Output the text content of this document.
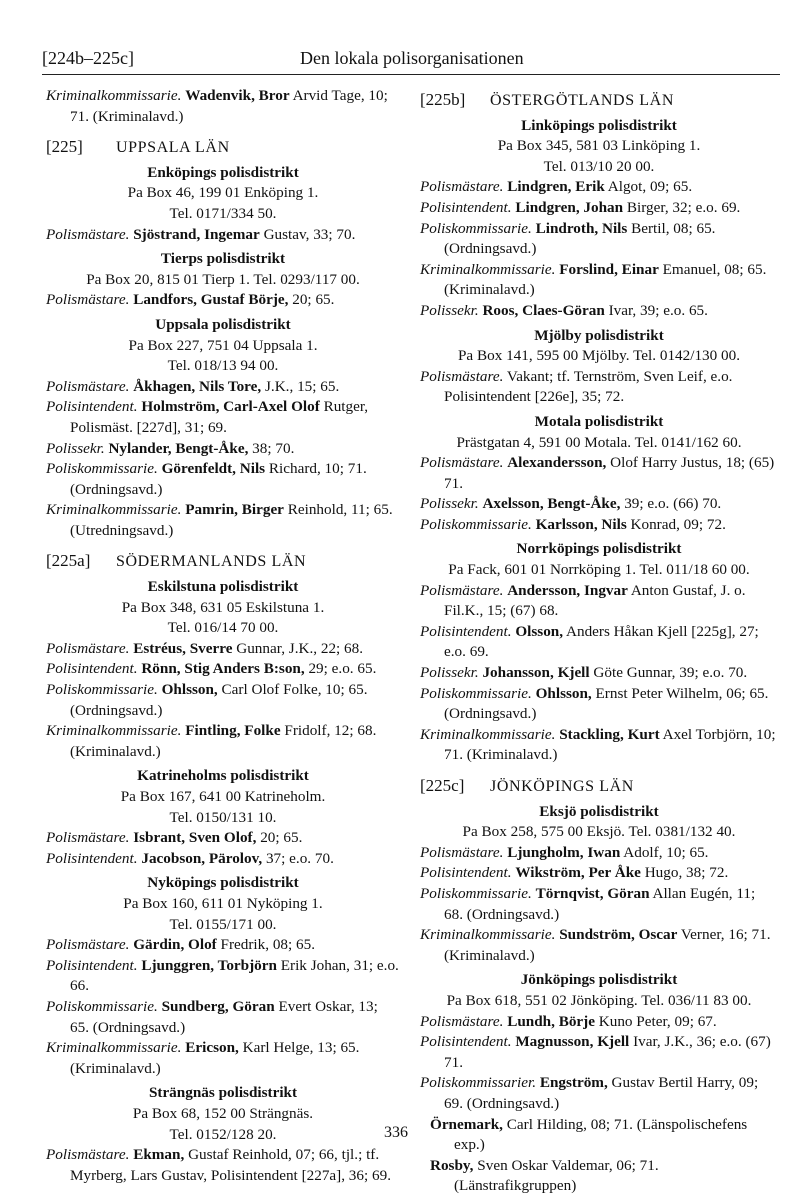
[224b–225c]	Den lokala polisorganisationen

Kriminalkommissarie. Wadenvik, Bror Arvid Tage, 10; 71. (Kriminalavd.)

[225]	UPPSALA LÄN

Enköpings polisdistrikt

Pa Box 46, 199 01 Enköping 1.

Tel. 0171/334 50.

Polismästare. Sjöstrand, Ingemar Gustav, 33; 70.

Tierps polisdistrikt

Pa Box 20, 815 01 Tierp 1. Tel. 0293/117 00.

Polismästare. Landfors, Gustaf Börje, 20; 65.

Uppsala polisdistrikt

Pa Box 227, 751 04 Uppsala 1.

Tel. 018/13 94 00.

Polismästare. Åkhagen, Nils Tore, J.K., 15; 65.

Polisintendent. Holmström, Carl-Axel Olof Rutger, Polismäst. [227d], 31; 69.

Polissekr. Nylander, Bengt-Åke, 38; 70.

Poliskommissarie. Görenfeldt, Nils Richard, 10; 71. (Ordningsavd.)

Kriminalkommissarie. Pamrin, Birger Reinhold, 11; 65. (Utredningsavd.)

[225a]	SÖDERMANLANDS LÄN

Eskilstuna polisdistrikt

Pa Box 348, 631 05 Eskilstuna 1.

Tel. 016/14 70 00.

Polismästare. Estréus, Sverre Gunnar, J.K., 22; 68.

Polisintendent. Rönn, Stig Anders B:son, 29; e.o. 65.

Poliskommissarie. Ohlsson, Carl Olof Folke, 10; 65. (Ordningsavd.)

Kriminalkommissarie. Fintling, Folke Fridolf, 12; 68. (Kriminalavd.)

Katrineholms polisdistrikt

Pa Box 167, 641 00 Katrineholm.

Tel. 0150/131 10.

Polismästare. Isbrant, Sven Olof, 20; 65.

Polisintendent. Jacobson, Pärolov, 37; e.o. 70.

Nyköpings polisdistrikt

Pa Box 160, 611 01 Nyköping 1.

Tel. 0155/171 00.

Polismästare. Gärdin, Olof Fredrik, 08; 65.

Polisintendent. Ljunggren, Torbjörn Erik Johan, 31; e.o. 66.

Poliskommissarie. Sundberg, Göran Evert Oskar, 13; 65. (Ordningsavd.)

Kriminalkommissarie. Ericson, Karl Helge, 13; 65. (Kriminalavd.)

Strängnäs polisdistrikt

Pa Box 68, 152 00 Strängnäs.

Tel. 0152/128 20.

Polismästare. Ekman, Gustaf Reinhold, 07; 66, tjl.; tf. Myrberg, Lars Gustav, Polisintendent [227a], 36; 69.

[225b]	ÖSTERGÖTLANDS LÄN

Linköpings polisdistrikt

Pa Box 345, 581 03 Linköping 1.

Tel. 013/10 20 00.

Polismästare. Lindgren, Erik Algot, 09; 65.

Polisintendent. Lindgren, Johan Birger, 32; e.o. 69.

Poliskommissarie. Lindroth, Nils Bertil, 08; 65. (Ordningsavd.)

Kriminalkommissarie. Forslind, Einar Emanuel, 08; 65. (Kriminalavd.)

Polissekr. Roos, Claes-Göran Ivar, 39; e.o. 65.

Mjölby polisdistrikt

Pa Box 141, 595 00 Mjölby. Tel. 0142/130 00.

Polismästare. Vakant; tf. Ternström, Sven Leif, e.o. Polisintendent [226e], 35; 72.

Motala polisdistrikt

Prästgatan 4, 591 00 Motala. Tel. 0141/162 60.

Polismästare. Alexandersson, Olof Harry Justus, 18; (65) 71.

Polissekr. Axelsson, Bengt-Åke, 39; e.o. (66) 70.

Poliskommissarie. Karlsson, Nils Konrad, 09; 72.

Norrköpings polisdistrikt

Pa Fack, 601 01 Norrköping 1. Tel. 011/18 60 00.

Polismästare. Andersson, Ingvar Anton Gustaf, J. o. Fil.K., 15; (67) 68.

Polisintendent. Olsson, Anders Håkan Kjell [225g], 27; e.o. 69.

Polissekr. Johansson, Kjell Göte Gunnar, 39; e.o. 70.

Poliskommissarie. Ohlsson, Ernst Peter Wilhelm, 06; 65. (Ordningsavd.)

Kriminalkommissarie. Stackling, Kurt Axel Torbjörn, 10; 71. (Kriminalavd.)

[225c]	JÖNKÖPINGS LÄN

Eksjö polisdistrikt

Pa Box 258, 575 00 Eksjö. Tel. 0381/132 40.

Polismästare. Ljungholm, Iwan Adolf, 10; 65.

Polisintendent. Wikström, Per Åke Hugo, 38; 72.

Poliskommissarie. Törnqvist, Göran Allan Eugén, 11; 68. (Ordningsavd.)

Kriminalkommissarie. Sundström, Oscar Verner, 16; 71. (Kriminalavd.)

Jönköpings polisdistrikt

Pa Box 618, 551 02 Jönköping. Tel. 036/11 83 00.

Polismästare. Lundh, Börje Kuno Peter, 09; 67.

Polisintendent. Magnusson, Kjell Ivar, J.K., 36; e.o. (67) 71.

Poliskommissarier. Engström, Gustav Bertil Harry, 09; 69. (Ordningsavd.)

Örnemark, Carl Hilding, 08; 71. (Länspolischefens exp.)

Rosby, Sven Oskar Valdemar, 06; 71. (Länstrafikgruppen)

336
